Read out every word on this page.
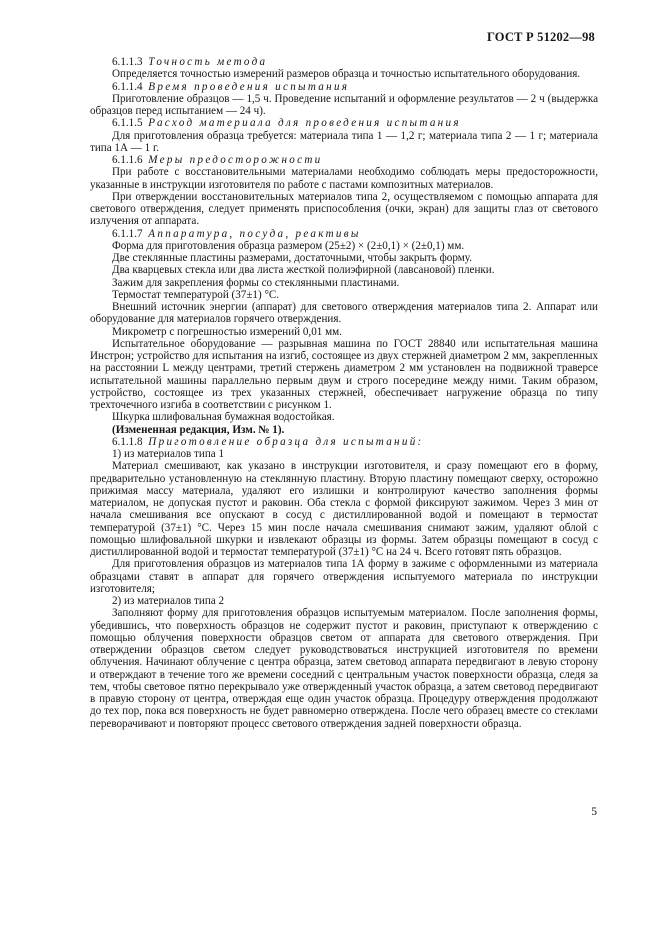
ГОСТ Р 51202—98

6.1.1.3 Точность метода

Определяется точностью измерений размеров образца и точностью испытательного оборудования.

6.1.1.4 Время проведения испытания

Приготовление образцов — 1,5 ч. Проведение испытаний и оформление результатов — 2 ч (выдержка образцов перед испытанием — 24 ч).

6.1.1.5 Расход материала для проведения испытания

Для приготовления образца требуется: материала типа 1 — 1,2 г; материала типа 2 — 1 г; материала типа 1А — 1 г.

6.1.1.6 Меры предосторожности

При работе с восстановительными материалами необходимо соблюдать меры предосторожности, указанные в инструкции изготовителя по работе с пастами композитных материалов.

При отверждении восстановительных материалов типа 2, осуществляемом с помощью аппарата для светового отверждения, следует применять приспособления (очки, экран) для защиты глаз от светового излучения от аппарата.

6.1.1.7 Аппаратура, посуда, реактивы

Форма для приготовления образца размером (25±2) × (2±0,1) × (2±0,1) мм.

Две стеклянные пластины размерами, достаточными, чтобы закрыть форму.

Два кварцевых стекла или два листа жесткой полиэфирной (лавсановой) пленки.

Зажим для закрепления формы со стеклянными пластинами.

Термостат температурой (37±1) °С.

Внешний источник энергии (аппарат) для светового отверждения материалов типа 2. Аппарат или оборудование для материалов горячего отверждения.

Микрометр с погрешностью измерений 0,01 мм.

Испытательное оборудование — разрывная машина по ГОСТ 28840 или испытательная машина Инстрон; устройство для испытания на изгиб, состоящее из двух стержней диаметром 2 мм, закрепленных на расстоянии L между центрами, третий стержень диаметром 2 мм установлен на подвижной траверсе испытательной машины параллельно первым двум и строго посередине между ними. Таким образом, устройство, состоящее из трех указанных стержней, обеспечивает нагружение образца по типу трехточечного изгиба в соответствии с рисунком 1.

Шкурка шлифовальная бумажная водостойкая.

(Измененная редакция, Изм. № 1).

6.1.1.8 Приготовление образца для испытаний:

1) из материалов типа 1

Материал смешивают, как указано в инструкции изготовителя, и сразу помещают его в форму, предварительно установленную на стеклянную пластину. Вторую пластину помещают сверху, осторожно прижимая массу материала, удаляют его излишки и контролируют качество заполнения формы материалом, не допуская пустот и раковин. Оба стекла с формой фиксируют зажимом. Через 3 мин от начала смешивания все опускают в сосуд с дистиллированной водой и помещают в термостат температурой (37±1) °С. Через 15 мин после начала смешивания снимают зажим, удаляют облой с помощью шлифовальной шкурки и извлекают образцы из формы. Затем образцы помещают в сосуд с дистиллированной водой и термостат температурой (37±1) °С на 24 ч. Всего готовят пять образцов.

Для приготовления образцов из материалов типа 1А форму в зажиме с оформленными из материала образцами ставят в аппарат для горячего отверждения испытуемого материала по инструкции изготовителя;

2) из материалов типа 2

Заполняют форму для приготовления образцов испытуемым материалом. После заполнения формы, убедившись, что поверхность образцов не содержит пустот и раковин, приступают к отверждению с помощью облучения поверхности образцов светом от аппарата для светового отверждения. При отверждении образцов светом следует руководствоваться инструкцией изготовителя по времени облучения. Начинают облучение с центра образца, затем световод аппарата передвигают в левую сторону и отверждают в течение того же времени соседний с центральным участок поверхности образца, следя за тем, чтобы световое пятно перекрывало уже отвержденный участок образца, а затем световод передвигают в правую сторону от центра, отверждая еще один участок образца. Процедуру отверждения продолжают до тех пор, пока вся поверхность не будет равномерно отверждена. После чего образец вместе со стеклами переворачивают и повторяют процесс светового отверждения задней поверхности образца.

5
